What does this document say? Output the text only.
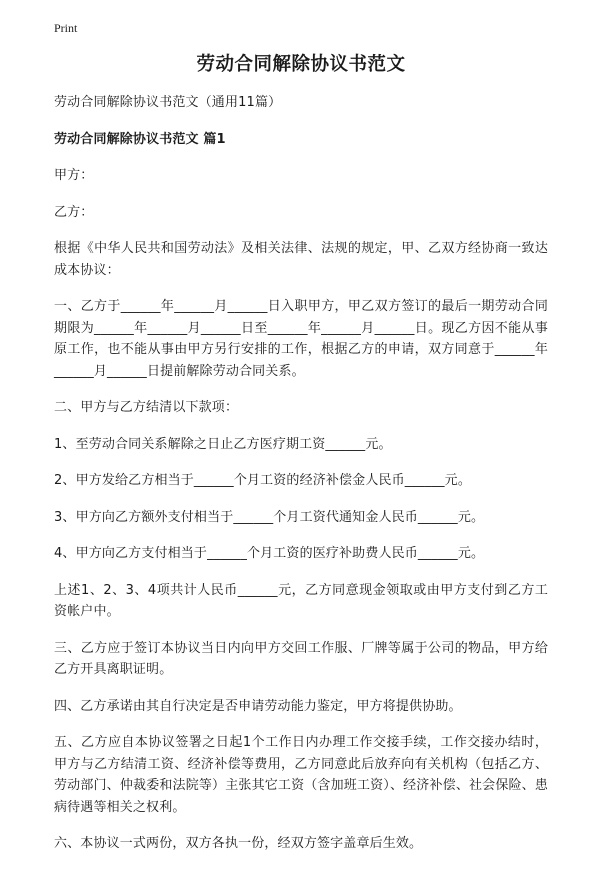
Print
劳动合同解除协议书范文
劳动合同解除协议书范文（通用11篇）
劳动合同解除协议书范文 篇1
甲方：
乙方：
根据《中华人民共和国劳动法》及相关法律、法规的规定，甲、乙双方经协商一致达成本协议：
一、乙方于______年______月______日入职甲方，甲乙双方签订的最后一期劳动合同期限为______年______月______日至______年______月______日。现乙方因不能从事原工作，也不能从事由甲方另行安排的工作，根据乙方的申请，双方同意于______年______月______日提前解除劳动合同关系。
二、甲方与乙方结清以下款项：
1、至劳动合同关系解除之日止乙方医疗期工资______元。
2、甲方发给乙方相当于______个月工资的经济补偿金人民币______元。
3、甲方向乙方额外支付相当于______个月工资代通知金人民币______元。
4、甲方向乙方支付相当于______个月工资的医疗补助费人民币______元。
上述1、2、3、4项共计人民币______元，乙方同意现金领取或由甲方支付到乙方工资帐户中。
三、乙方应于签订本协议当日内向甲方交回工作服、厂牌等属于公司的物品，甲方给乙方开具离职证明。
四、乙方承诺由其自行决定是否申请劳动能力鉴定，甲方将提供协助。
五、乙方应自本协议签署之日起1个工作日内办理工作交接手续，工作交接办结时，甲方与乙方结清工资、经济补偿等费用，乙方同意此后放弃向有关机构（包括乙方、劳动部门、仲裁委和法院等）主张其它工资（含加班工资）、经济补偿、社会保险、患病待遇等相关之权利。
六、本协议一式两份，双方各执一份，经双方签字盖章后生效。
